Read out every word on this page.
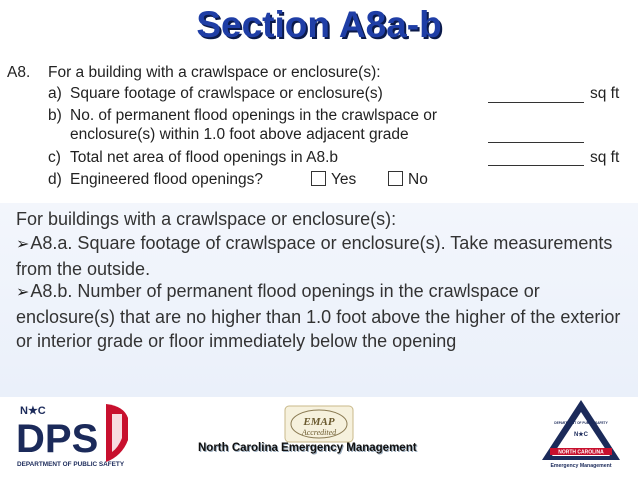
Section A8a-b
A8. For a building with a crawlspace or enclosure(s):
a) Square footage of crawlspace or enclosure(s)	sq ft
b) No. of permanent flood openings in the crawlspace or
enclosure(s) within 1.0 foot above adjacent grade
c) Total net area of flood openings in A8.b	sq ft
d) Engineered flood openings?	Yes	No

For buildings with a crawlspace or enclosure(s):

➢A8.a. Square footage of crawlspace or enclosure(s). Take measurements from the outside.

➢A8.b. Number of permanent flood openings in the crawlspace or enclosure(s) that are no higher than 1.0 foot above the higher of the exterior or interior grade or floor immediately below the opening

N★C
DPS
DEPARTMENT OF PUBLIC SAFETY
EMAP
Accredited
North Carolina Emergency Management
DEPARTMENT OF PUBLIC SAFETY
N★C
NORTH CAROLINA
Emergency Management
